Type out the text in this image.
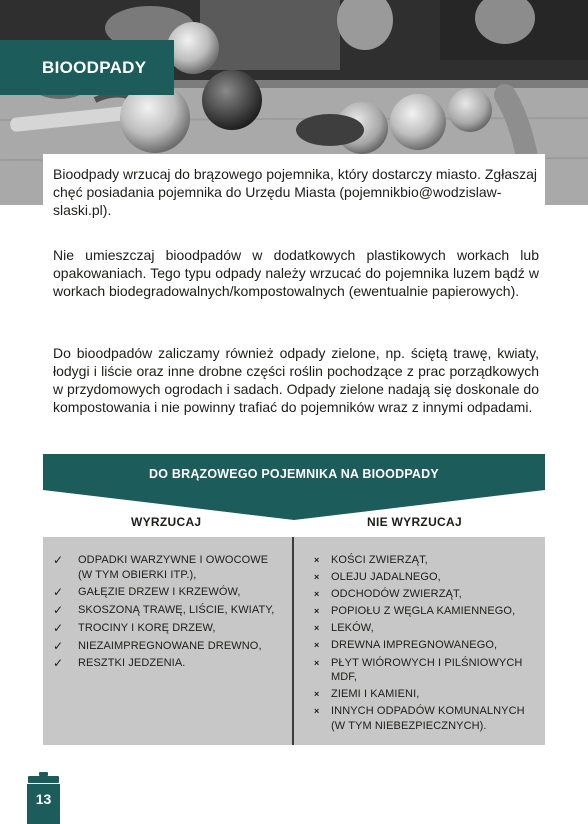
BIOODPADY

Bioodpady wrzucaj do brązowego pojemnika, który dostarczy miasto. Zgłaszaj chęć posiadania pojemnika do Urzędu Miasta (pojemnikbio@wodzislaw-slaski.pl).

Nie umieszczaj bioodpadów w dodatkowych plastikowych workach lub opakowaniach. Tego typu odpady należy wrzucać do pojemnika luzem bądź w workach biodegradowalnych/kompostowalnych (ewentualnie papierowych).

Do bioodpadów zaliczamy również odpady zielone, np. ściętą trawę, kwiaty, łodygi i liście oraz inne drobne części roślin pochodzące z prac porządkowych w przydomowych ogrodach i sadach. Odpady zielone nadają się doskonale do kompostowania i nie powinny trafiać do pojemników wraz z innymi odpadami.

DO BRĄZOWEGO POJEMNIKA NA BIOODPADY
WYRZUCAJ	NIE WYRZUCAJ
✓ ODPADKI WARZYWNE I OWOCOWE (W TYM OBIERKI ITP.),
✓ GAŁĘZIE DRZEW I KRZEWÓW,
✓ SKOSZONĄ TRAWĘ, LIŚCIE, KWIATY,
✓ TROCINY I KORĘ DRZEW,
✓ NIEZAIMPREGNOWANE DREWNO,
✓ RESZTKI JEDZENIA.
× KOŚCI ZWIERZĄT,
× OLEJU JADALNEGO,
× ODCHODÓW ZWIERZĄT,
× POPIOŁU Z WĘGLA KAMIENNEGO,
× LEKÓW,
× DREWNA IMPREGNOWANEGO,
× PŁYT WIÓROWYCH I PILŚNIOWYCH MDF,
× ZIEMI I KAMIENI,
× INNYCH ODPADÓW KOMUNALNYCH (W TYM NIEBEZPIECZNYCH).
13
